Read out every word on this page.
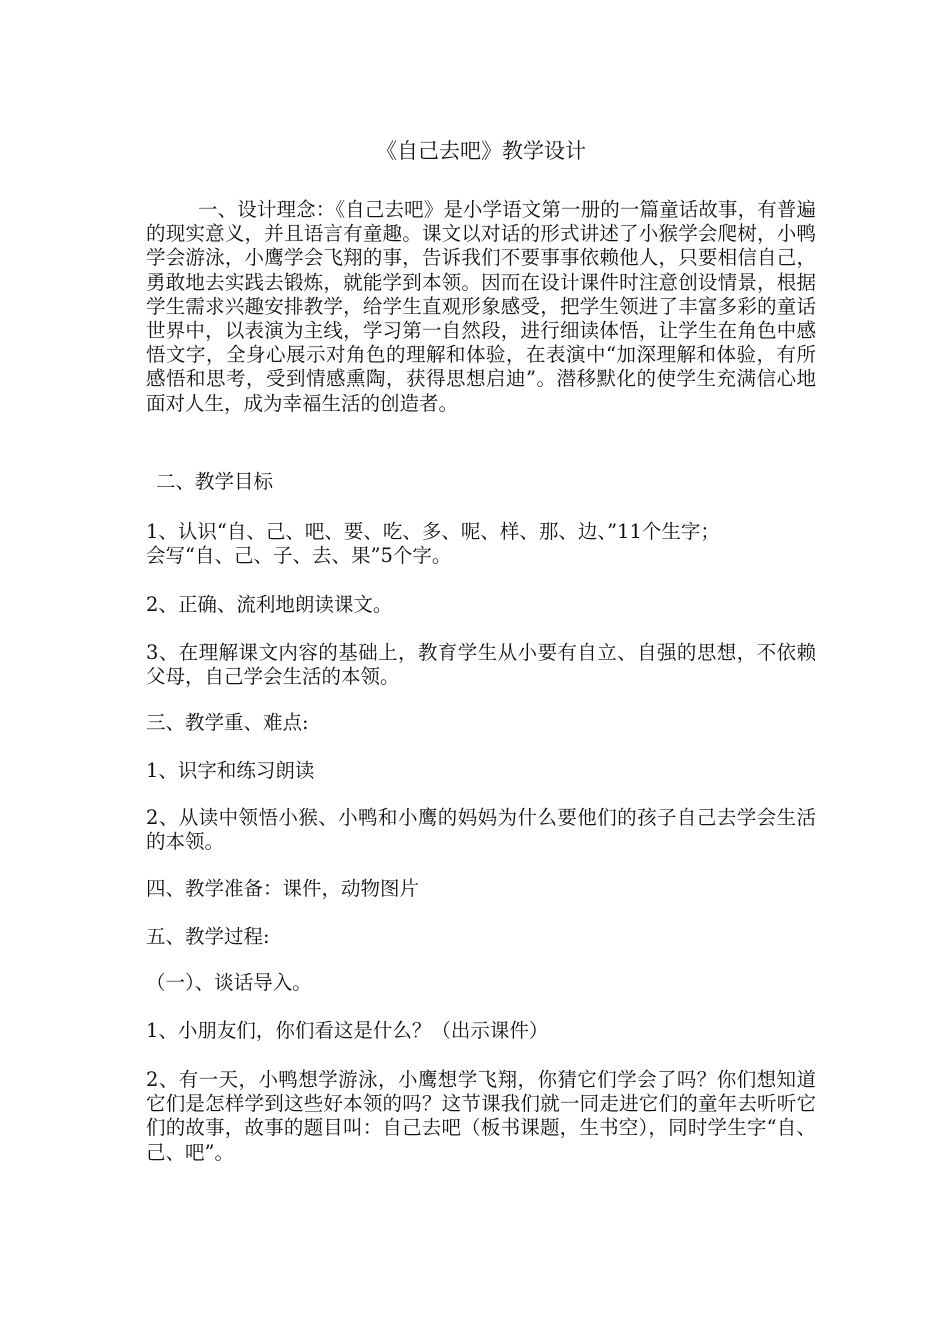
《自己去吧》教学设计

一、设计理念：《自己去吧》是小学语文第一册的一篇童话故事，有普遍的现实意义，并且语言有童趣。课文以对话的形式讲述了小猴学会爬树，小鸭学会游泳，小鹰学会飞翔的事，告诉我们不要事事依赖他人，只要相信自己，勇敢地去实践去锻炼，就能学到本领。因而在设计课件时注意创设情景，根据学生需求兴趣安排教学，给学生直观形象感受，把学生领进了丰富多彩的童话世界中，以表演为主线，学习第一自然段，进行细读体悟，让学生在角色中感悟文字，全身心展示对角色的理解和体验，在表演中“加深理解和体验，有所感悟和思考，受到情感熏陶，获得思想启迪”。潜移默化的使学生充满信心地面对人生，成为幸福生活的创造者。

二、教学目标

1、认识“自、己、吧、要、吃、多、呢、样、那、边、”11个生字；
会写“自、己、子、去、果”5个字。

2、正确、流利地朗读课文。

3、在理解课文内容的基础上，教育学生从小要有自立、自强的思想，不依赖父母，自己学会生活的本领。

三、教学重、难点:

1、识字和练习朗读

2、从读中领悟小猴、小鸭和小鹰的妈妈为什么要他们的孩子自己去学会生活的本领。

四、教学准备：课件，动物图片

五、教学过程:

（一）、谈话导入。

1、小朋友们，你们看这是什么？（出示课件）

2、有一天，小鸭想学游泳，小鹰想学飞翔，你猜它们学会了吗？你们想知道它们是怎样学到这些好本领的吗？这节课我们就一同走进它们的童年去听听它们的故事，故事的题目叫：自己去吧（板书课题，生书空），同时学生字“自、己、吧”。
